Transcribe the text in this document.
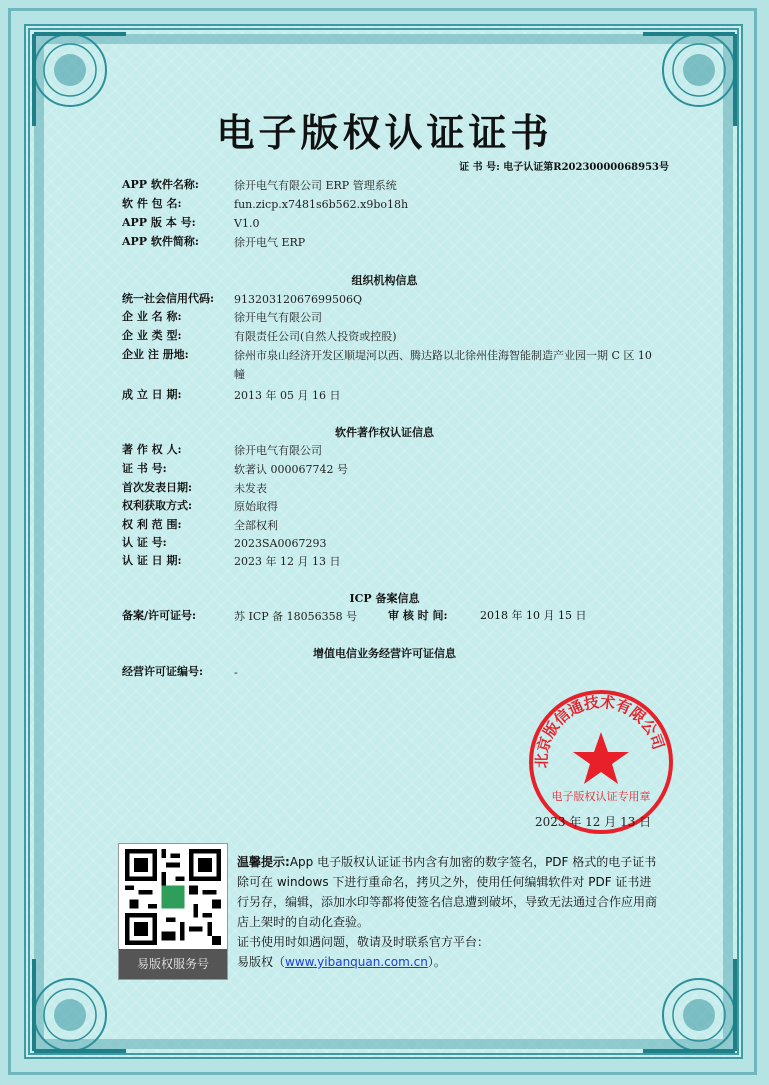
电子版权认证证书
证 书 号: 电子认证第R20230000068953号
APP 软件名称:	徐开电气有限公司 ERP 管理系统
软 件 包 名:	fun.zicp.x7481s6b562.x9bo18h
APP 版 本 号:	V1.0
APP 软件简称:	徐开电气 ERP
组织机构信息
统一社会信用代码:	91320312067699506Q
企 业 名 称:	徐开电气有限公司
企 业 类 型:	有限责任公司(自然人投资或控股)
企业 注 册地:	徐州市泉山经济开发区顺堤河以西、腾达路以北徐州佳海智能制造产业园一期 C 区 10 幢
成 立 日 期:	2013 年 05 月 16 日
软件著作权认证信息
著 作 权 人:	徐开电气有限公司
证 书 号:	软著认 000067742 号
首次发表日期:	未发表
权利获取方式:	原始取得
权 利 范 围:	全部权利
认 证 号:	2023SA0067293
认 证 日 期:	2023 年 12 月 13 日
ICP 备案信息
备案/许可证号:	苏 ICP 备 18056358 号	审 核 时 间:	2018 年 10 月 15 日
增值电信业务经营许可证信息
经营许可证编号:	-
北京版信通技术有限公司
电子版权认证专用章
2023 年 12 月 13 日
易版权服务号
温馨提示:App 电子版权认证证书内含有加密的数字签名，PDF 格式的电子证书除可在 windows 下进行重命名，拷贝之外，使用任何编辑软件对 PDF 证书进行另存，编辑，添加水印等都将使签名信息遭到破坏，导致无法通过合作应用商店上架时的自动化查验。
证书使用时如遇问题，敬请及时联系官方平台：
易版权（www.yibanquan.com.cn）。
